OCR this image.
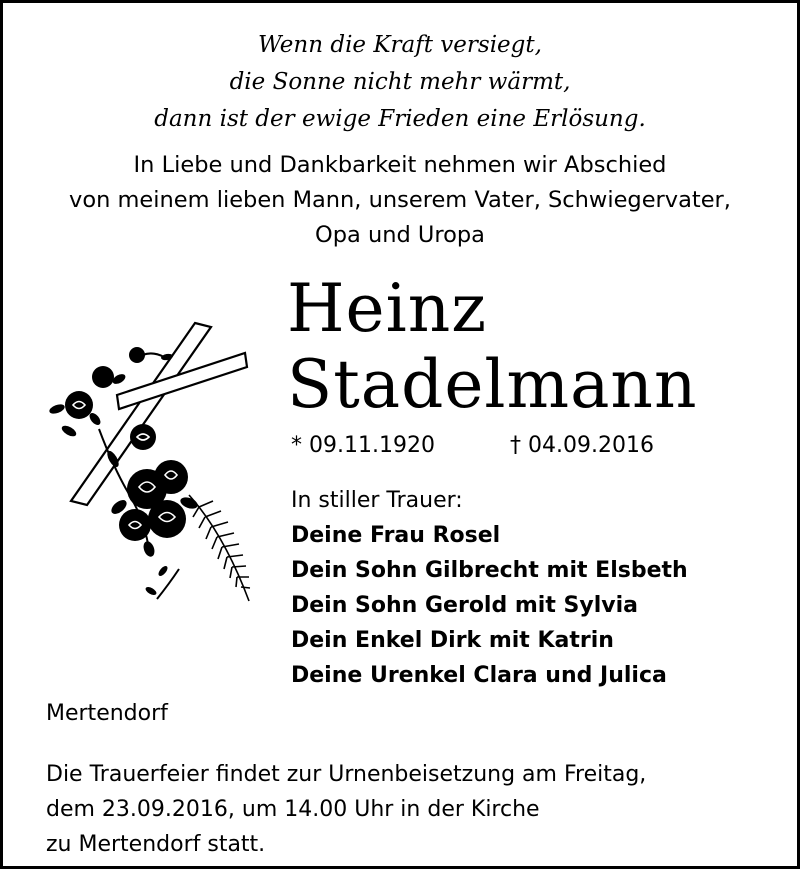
Wenn die Kraft versiegt,
die Sonne nicht mehr wärmt,
dann ist der ewige Frieden eine Erlösung.
In Liebe und Dankbarkeit nehmen wir Abschied
von meinem lieben Mann, unserem Vater, Schwiegervater,
Opa und Uropa
Heinz
Stadelmann
* 09.11.1920	† 04.09.2016
In stiller Trauer:
Deine Frau Rosel
Dein Sohn Gilbrecht mit Elsbeth
Dein Sohn Gerold mit Sylvia
Dein Enkel Dirk mit Katrin
Deine Urenkel Clara und Julica
Mertendorf
Die Trauerfeier findet zur Urnenbeisetzung am Freitag,
dem 23.09.2016, um 14.00 Uhr in der Kirche
zu Mertendorf statt.
